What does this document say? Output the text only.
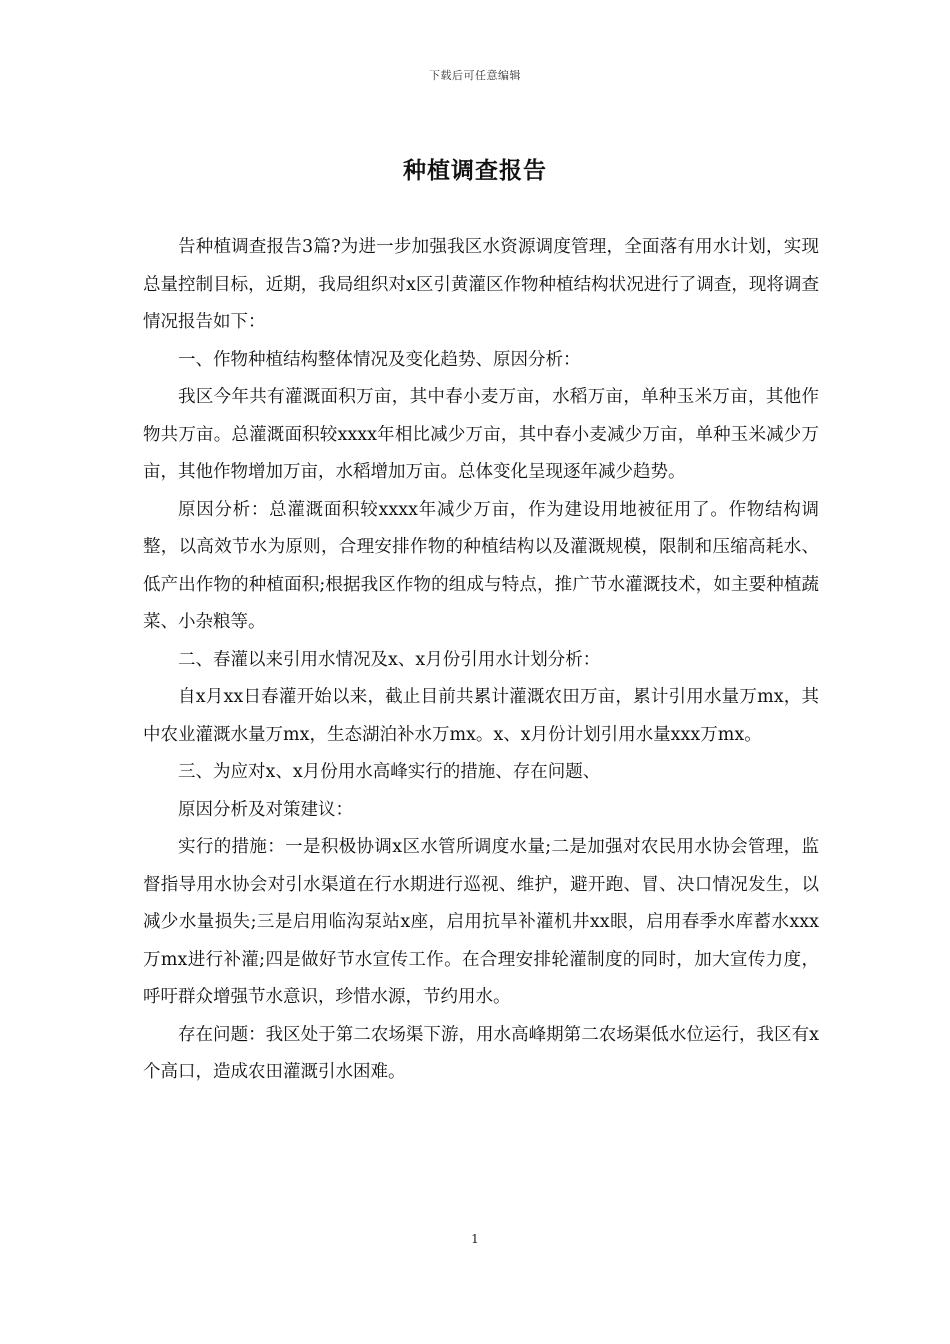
下载后可任意编辑
种植调查报告

告种植调查报告3篇?为进一步加强我区水资源调度管理，全面落有用水计划，实现总量控制目标，近期，我局组织对x区引黄灌区作物种植结构状况进行了调查，现将调查情况报告如下：

一、作物种植结构整体情况及变化趋势、原因分析：

我区今年共有灌溉面积万亩，其中春小麦万亩，水稻万亩，单种玉米万亩，其他作物共万亩。总灌溉面积较xxxx年相比减少万亩，其中春小麦减少万亩，单种玉米减少万亩，其他作物增加万亩，水稻增加万亩。总体变化呈现逐年减少趋势。

原因分析：总灌溉面积较xxxx年减少万亩，作为建设用地被征用了。作物结构调整，以高效节水为原则，合理安排作物的种植结构以及灌溉规模，限制和压缩高耗水、低产出作物的种植面积;根据我区作物的组成与特点，推广节水灌溉技术，如主要种植蔬菜、小杂粮等。

二、春灌以来引用水情况及x、x月份引用水计划分析：

自x月xx日春灌开始以来，截止目前共累计灌溉农田万亩，累计引用水量万mx，其中农业灌溉水量万mx，生态湖泊补水万mx。x、x月份计划引用水量xxx万mx。

三、为应对x、x月份用水高峰实行的措施、存在问题、

原因分析及对策建议：

实行的措施：一是积极协调x区水管所调度水量;二是加强对农民用水协会管理，监督指导用水协会对引水渠道在行水期进行巡视、维护，避开跑、冒、决口情况发生，以减少水量损失;三是启用临沟泵站x座，启用抗旱补灌机井xx眼，启用春季水库蓄水xxx万mx进行补灌;四是做好节水宣传工作。在合理安排轮灌制度的同时，加大宣传力度，呼吁群众增强节水意识，珍惜水源，节约用水。

存在问题：我区处于第二农场渠下游，用水高峰期第二农场渠低水位运行，我区有x个高口，造成农田灌溉引水困难。

1
